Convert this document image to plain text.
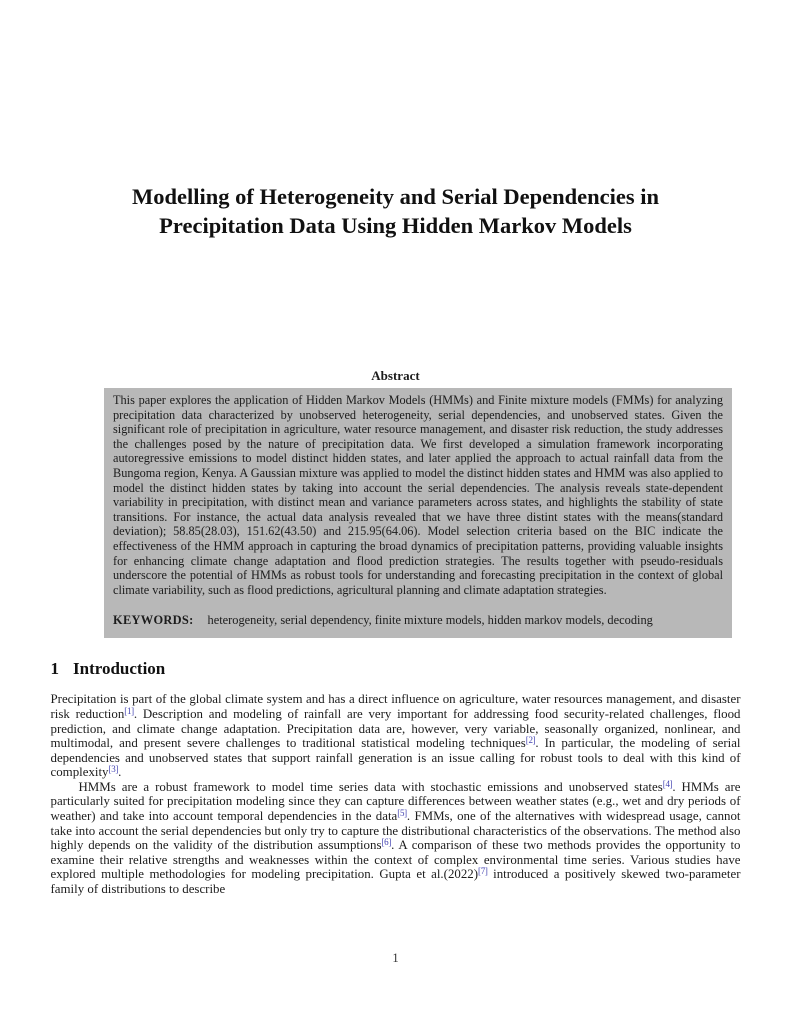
Modelling of Heterogeneity and Serial Dependencies in
Precipitation Data Using Hidden Markov Models
Abstract

This paper explores the application of Hidden Markov Models (HMMs) and Finite mixture models (FMMs) for analyzing precipitation data characterized by unobserved heterogeneity, serial dependencies, and unobserved states. Given the significant role of precipitation in agriculture, water resource management, and disaster risk reduction, the study addresses the challenges posed by the nature of precipitation data. We first developed a simulation framework incorporating autoregressive emissions to model distinct hidden states, and later applied the approach to actual rainfall data from the Bungoma region, Kenya. A Gaussian mixture was applied to model the distinct hidden states and HMM was also applied to model the distinct hidden states by taking into account the serial dependencies. The analysis reveals state-dependent variability in precipitation, with distinct mean and variance parameters across states, and highlights the stability of state transitions. For instance, the actual data analysis revealed that we have three distint states with the means(standard deviation); 58.85(28.03), 151.62(43.50) and 215.95(64.06). Model selection criteria based on the BIC indicate the effectiveness of the HMM approach in capturing the broad dynamics of precipitation patterns, providing valuable insights for enhancing climate change adaptation and flood prediction strategies. The results together with pseudo-residuals underscore the potential of HMMs as robust tools for understanding and forecasting precipitation in the context of global climate variability, such as flood predictions, agricultural planning and climate adaptation strategies.

KEYWORDS: heterogeneity, serial dependency, finite mixture models, hidden markov models, decoding

1 Introduction

Precipitation is part of the global climate system and has a direct influence on agriculture, water resources management, and disaster risk reduction[1]. Description and modeling of rainfall are very important for addressing food security-related challenges, flood prediction, and climate change adaptation. Precipitation data are, however, very variable, seasonally organized, nonlinear, and multimodal, and present severe challenges to traditional statistical modeling techniques[2]. In particular, the modeling of serial dependencies and unobserved states that support rainfall generation is an issue calling for robust tools to deal with this kind of complexity[3].

HMMs are a robust framework to model time series data with stochastic emissions and unobserved states[4]. HMMs are particularly suited for precipitation modeling since they can capture differences between weather states (e.g., wet and dry periods of weather) and take into account temporal dependencies in the data[5]. FMMs, one of the alternatives with widespread usage, cannot take into account the serial dependencies but only try to capture the distributional characteristics of the observations. The method also highly depends on the validity of the distribution assumptions[6]. A comparison of these two methods provides the opportunity to examine their relative strengths and weaknesses within the context of complex environmental time series. Various studies have explored multiple methodologies for modeling precipitation. Gupta et al.(2022)[7] introduced a positively skewed two-parameter family of distributions to describe

1
